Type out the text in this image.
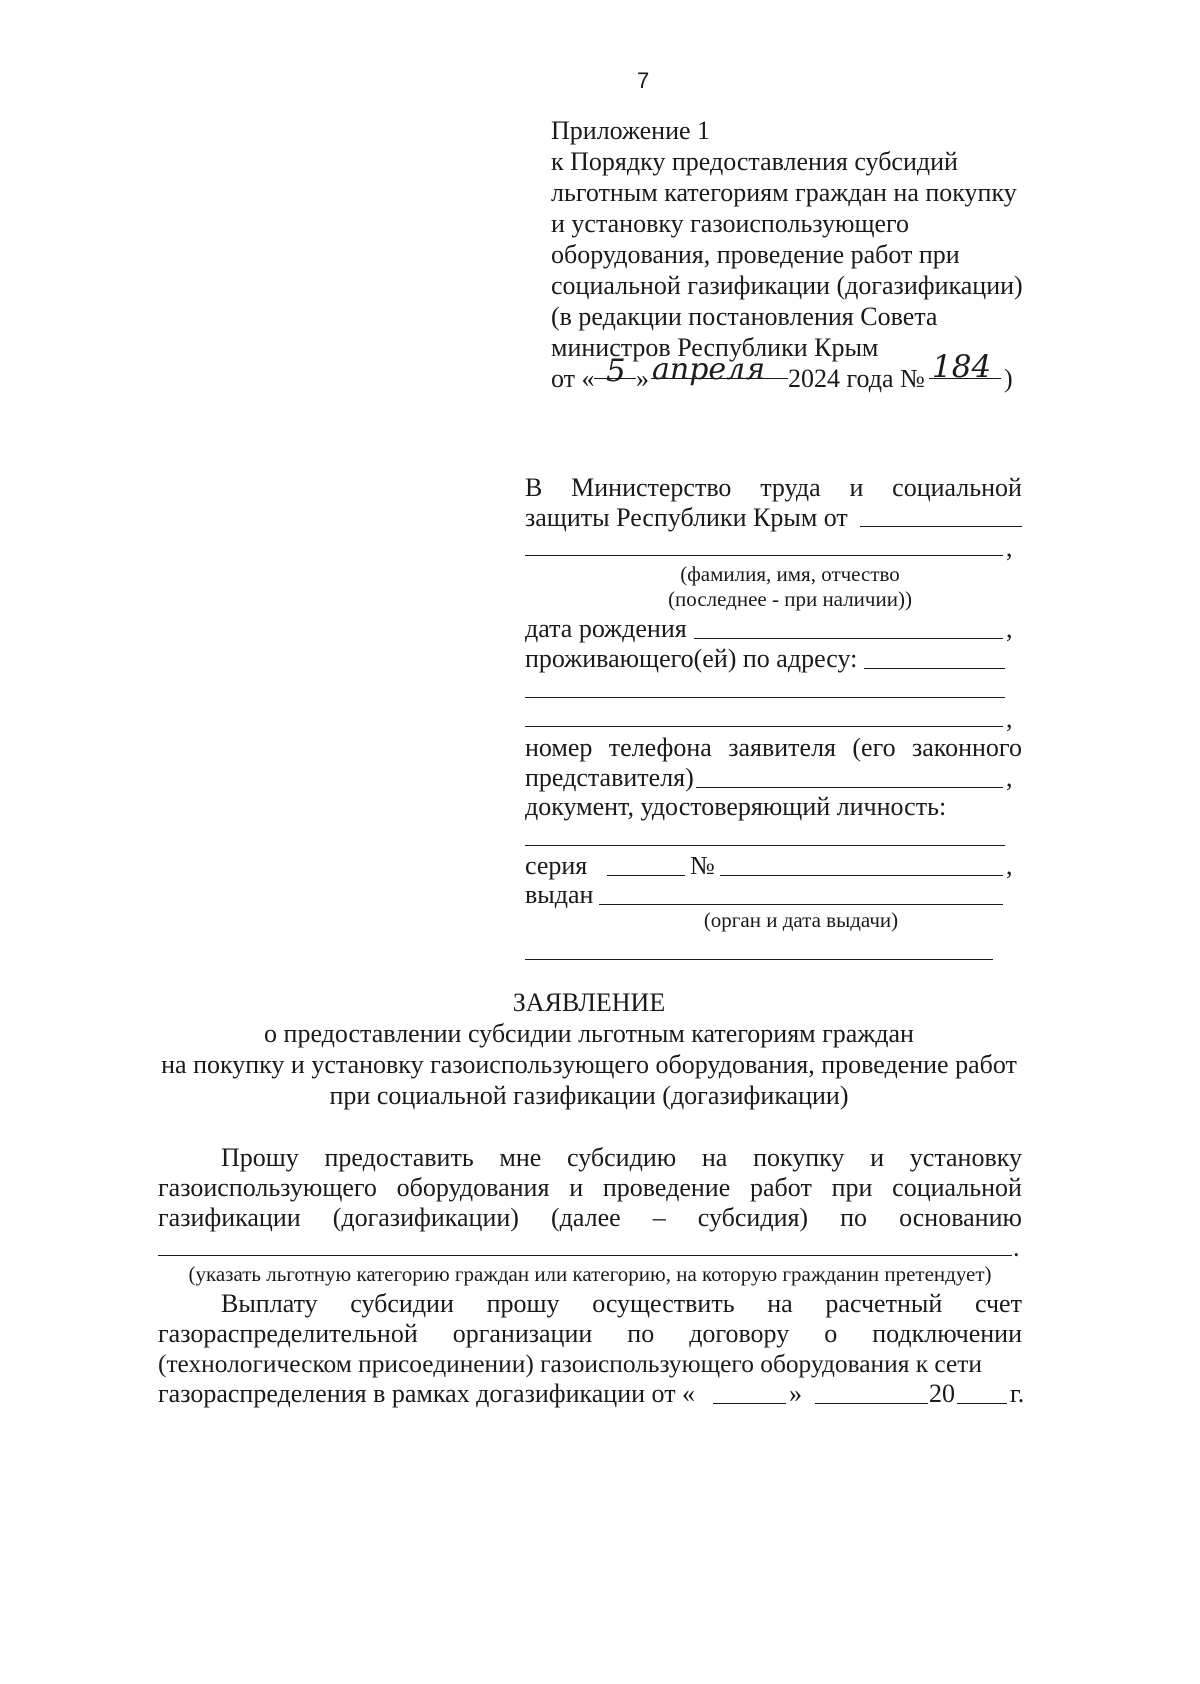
7
Приложение 1
к Порядку предоставления субсидий
льготным категориям граждан на покупку
и установку газоиспользующего
оборудования, проведение работ при
социальной газификации (догазификации)
(в редакции постановления Совета
министров Республики Крым
от « 5 » апреля 2024 года № 184 )
В Министерство труда и социальной
защиты Республики Крым от
,
(фамилия, имя, отчество
(последнее - при наличии))
дата рождения	,
проживающего(ей) по адресу:
,
номер телефона заявителя (его законного
представителя)	,
документ, удостоверяющий личность:
серия	№	,
выдан
(орган и дата выдачи)
ЗАЯВЛЕНИЕ
о предоставлении субсидии льготным категориям граждан
на покупку и установку газоиспользующего оборудования, проведение работ
при социальной газификации (догазификации)
Прошу предоставить мне субсидию на покупку и установку
газоиспользующего оборудования и проведение работ при социальной
газификации (догазификации) (далее – субсидия) по основанию
.
(указать льготную категорию граждан или категорию, на которую гражданин претендует)
Выплату субсидии прошу осуществить на расчетный счет
газораспределительной организации по договору о подключении
(технологическом присоединении) газоиспользующего оборудования к сети
газораспределения в рамках догазификации от «	»	20 г.
